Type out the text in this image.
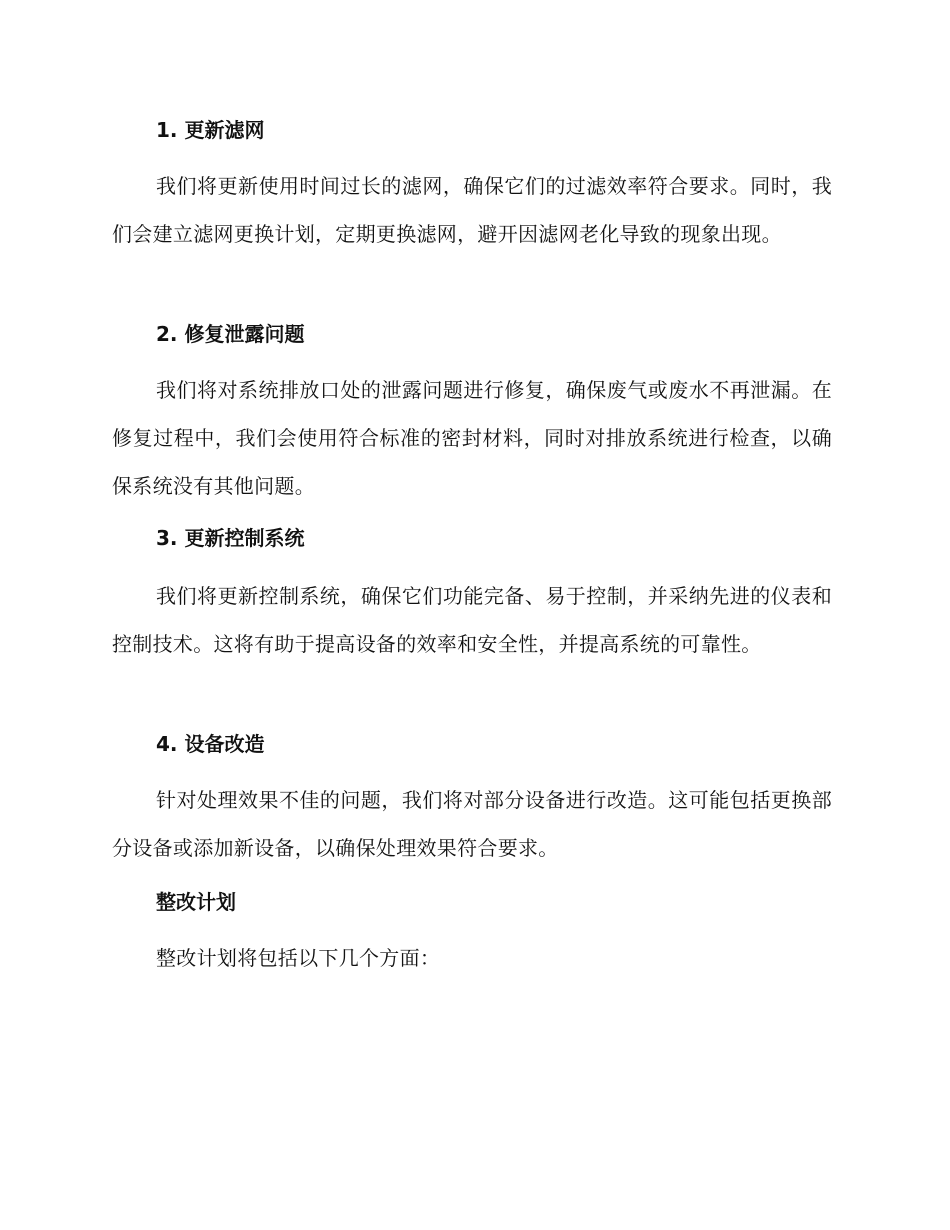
1. 更新滤网

我们将更新使用时间过长的滤网，确保它们的过滤效率符合要求。同时，我们会建立滤网更换计划，定期更换滤网，避开因滤网老化导致的现象出现。

2. 修复泄露问题

我们将对系统排放口处的泄露问题进行修复，确保废气或废水不再泄漏。在修复过程中，我们会使用符合标准的密封材料，同时对排放系统进行检查，以确保系统没有其他问题。

3. 更新控制系统

我们将更新控制系统，确保它们功能完备、易于控制，并采纳先进的仪表和控制技术。这将有助于提高设备的效率和安全性，并提高系统的可靠性。

4. 设备改造

针对处理效果不佳的问题，我们将对部分设备进行改造。这可能包括更换部分设备或添加新设备，以确保处理效果符合要求。

整改计划

整改计划将包括以下几个方面：
